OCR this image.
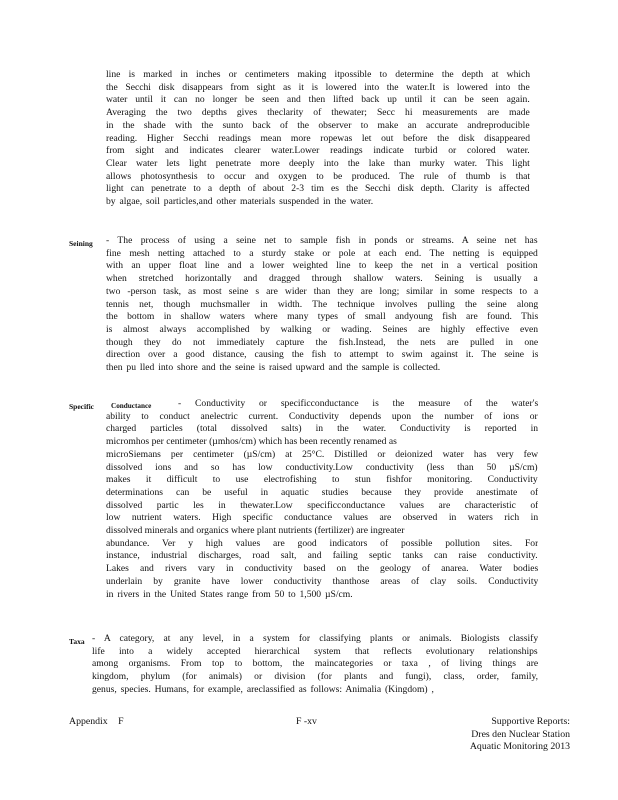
line is marked in inches or centimeters making itpossible to determine the depth at which
the Secchi disk disappears from sight as it is lowered into the water.It is lowered into the
water until it can no longer be seen and then lifted back up until it can be seen again.
Averaging the two depths gives theclarity of thewater; Secc hi measurements are made
in the shade with the sunto back of the observer to make an accurate andreproducible
reading. Higher Secchi readings mean more ropewas let out before the disk disappeared
from sight and indicates clearer water.Lower readings indicate turbid or colored water.
Clear water lets light penetrate more deeply into the lake than murky water. This light
allows photosynthesis to occur and oxygen to be produced. The rule of thumb is that
light can penetrate to a depth of about 2-3 tim es the Secchi disk depth. Clarity is affected
by algae, soil particles,and other materials suspended in the water.
Seining - The process of using a seine net to sample fish in ponds or streams. A seine net has
fine mesh netting attached to a sturdy stake or pole at each end. The netting is equipped
with an upper float line and a lower weighted line to keep the net in a vertical position
when stretched horizontally and dragged through shallow waters. Seining is usually a
two -person task, as most seine s are wider than they are long; similar in some respects to a
tennis net, though muchsmaller in width. The technique involves pulling the seine along
the bottom in shallow waters where many types of small andyoung fish are found. This
is almost always accomplished by walking or wading. Seines are highly effective even
though they do not immediately capture the fish.Instead, the nets are pulled in one
direction over a good distance, causing the fish to attempt to swim against it. The seine is
then pu lled into shore and the seine is raised upward and the sample is collected.
Specific Conductance	- Conductivity or specificconductance is the measure of the water's
ability to conduct anelectric current. Conductivity depends upon the number of ions or
charged particles (total dissolved salts) in the water. Conductivity is reported in
micromhos per centimeter (µmhos/cm) which has been recently renamed as
microSiemans per centimeter (µS/cm) at 25°C. Distilled or deionized water has very few
dissolved ions and so has low conductivity.Low conductivity (less than 50 µS/cm)
makes it difficult to use electrofishing to stun fishfor monitoring. Conductivity
determinations can be useful in aquatic studies because they provide anestimate of
dissolved partic les in thewater.Low specificconductance values are characteristic of
low nutrient waters. High specific conductance values are observed in waters rich in
dissolved minerals and organics where plant nutrients (fertilizer) are ingreater
abundance. Ver y high values are good indicators of possible pollution sites. For
instance, industrial discharges, road salt, and failing septic tanks can raise conductivity.
Lakes and rivers vary in conductivity based on the geology of anarea. Water bodies
underlain by granite have lower conductivity thanthose areas of clay soils. Conductivity
in rivers in the United States range from 50 to 1,500 µS/cm.
Taxa - A category, at any level, in a system for classifying plants or animals. Biologists classify
life into a widely accepted hierarchical system that reflects evolutionary relationships
among organisms. From top to bottom, the maincategories or taxa , of living things are
kingdom, phylum (for animals) or division (for plants and fungi), class, order, family,
genus, species. Humans, for example, areclassified as follows: Animalia (Kingdom) ,
Appendix F	F -xv	Supportive Reports:
Dres den Nuclear Station
Aquatic Monitoring 2013
